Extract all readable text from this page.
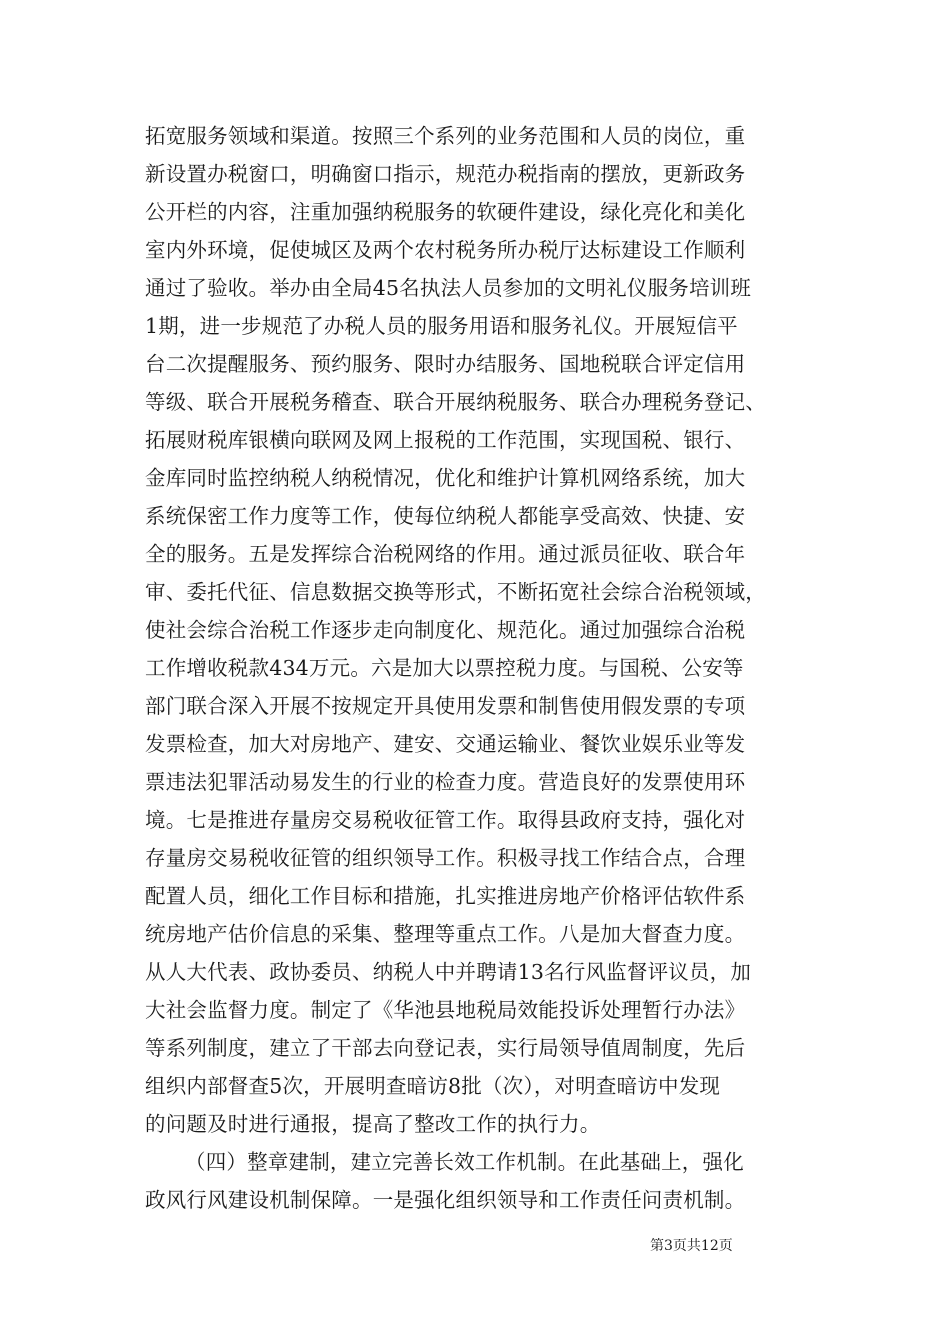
拓宽服务领域和渠道。按照三个系列的业务范围和人员的岗位，重
新设置办税窗口，明确窗口指示，规范办税指南的摆放，更新政务
公开栏的内容，注重加强纳税服务的软硬件建设，绿化亮化和美化
室内外环境，促使城区及两个农村税务所办税厅达标建设工作顺利
通过了验收。举办由全局45名执法人员参加的文明礼仪服务培训班
1期，进一步规范了办税人员的服务用语和服务礼仪。开展短信平
台二次提醒服务、预约服务、限时办结服务、国地税联合评定信用
等级、联合开展税务稽查、联合开展纳税服务、联合办理税务登记、
拓展财税库银横向联网及网上报税的工作范围，实现国税、银行、
金库同时监控纳税人纳税情况，优化和维护计算机网络系统，加大
系统保密工作力度等工作，使每位纳税人都能享受高效、快捷、安
全的服务。五是发挥综合治税网络的作用。通过派员征收、联合年
审、委托代征、信息数据交换等形式，不断拓宽社会综合治税领域，
使社会综合治税工作逐步走向制度化、规范化。通过加强综合治税
工作增收税款434万元。六是加大以票控税力度。与国税、公安等
部门联合深入开展不按规定开具使用发票和制售使用假发票的专项
发票检查，加大对房地产、建安、交通运输业、餐饮业娱乐业等发
票违法犯罪活动易发生的行业的检查力度。营造良好的发票使用环
境。七是推进存量房交易税收征管工作。取得县政府支持，强化对
存量房交易税收征管的组织领导工作。积极寻找工作结合点，合理
配置人员，细化工作目标和措施，扎实推进房地产价格评估软件系
统房地产估价信息的采集、整理等重点工作。八是加大督查力度。
从人大代表、政协委员、纳税人中并聘请13名行风监督评议员，加
大社会监督力度。制定了《华池县地税局效能投诉处理暂行办法》
等系列制度，建立了干部去向登记表，实行局领导值周制度，先后
组织内部督查5次，开展明查暗访8批（次），对明查暗访中发现
的问题及时进行通报，提高了整改工作的执行力。
（四）整章建制，建立完善长效工作机制。在此基础上，强化
政风行风建设机制保障。一是强化组织领导和工作责任问责机制。
第3页共12页
